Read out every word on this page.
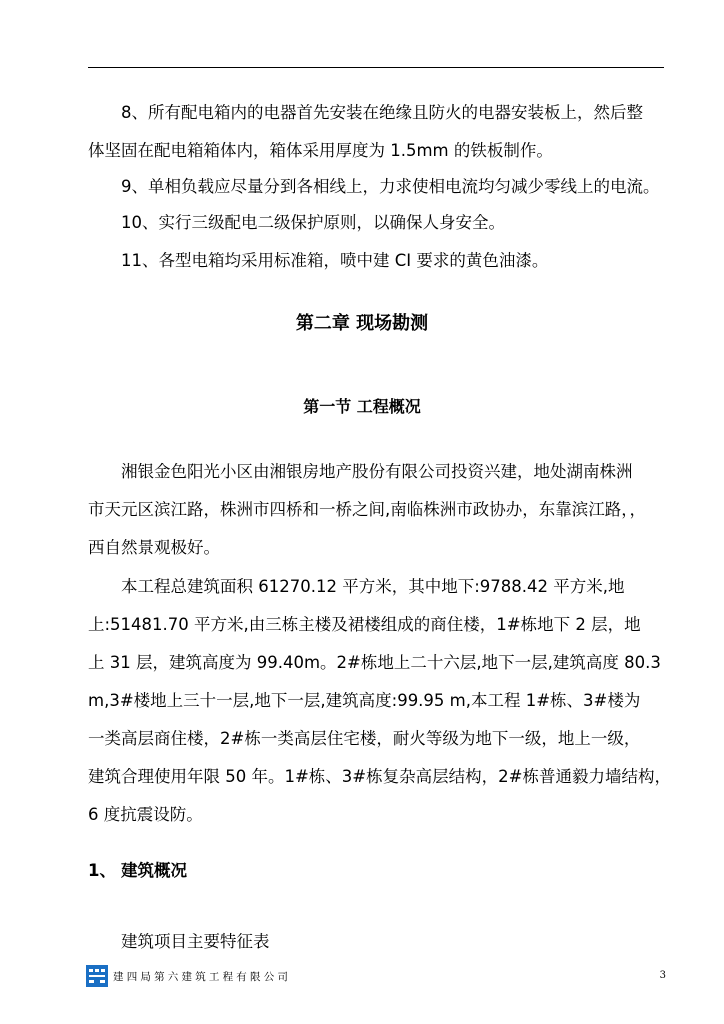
8、所有配电箱内的电器首先安装在绝缘且防火的电器安装板上，然后整
体坚固在配电箱箱体内，箱体采用厚度为 1.5mm 的铁板制作。
9、单相负载应尽量分到各相线上，力求使相电流均匀减少零线上的电流。
10、实行三级配电二级保护原则，以确保人身安全。
11、各型电箱均采用标准箱，喷中建 CI 要求的黄色油漆。
第二章 现场勘测
第一节 工程概况
湘银金色阳光小区由湘银房地产股份有限公司投资兴建，地处湖南株洲
市天元区滨江路，株洲市四桥和一桥之间,南临株洲市政协办，东靠滨江路，，
西自然景观极好。
本工程总建筑面积 61270.12 平方米，其中地下:9788.42 平方米,地
上:51481.70 平方米,由三栋主楼及裙楼组成的商住楼，1#栋地下 2 层，地
上 31 层，建筑高度为 99.40m。2#栋地上二十六层,地下一层,建筑高度 80.3
m,3#楼地上三十一层,地下一层,建筑高度:99.95 m,本工程 1#栋、3#楼为
一类高层商住楼，2#栋一类高层住宅楼，耐火等级为地下一级，地上一级，
建筑合理使用年限 50 年。1#栋、3#栋复杂高层结构，2#栋普通毅力墙结构，
6 度抗震设防。
1、 建筑概况
建筑项目主要特征表
建四局第六建筑工程有限公司	3
